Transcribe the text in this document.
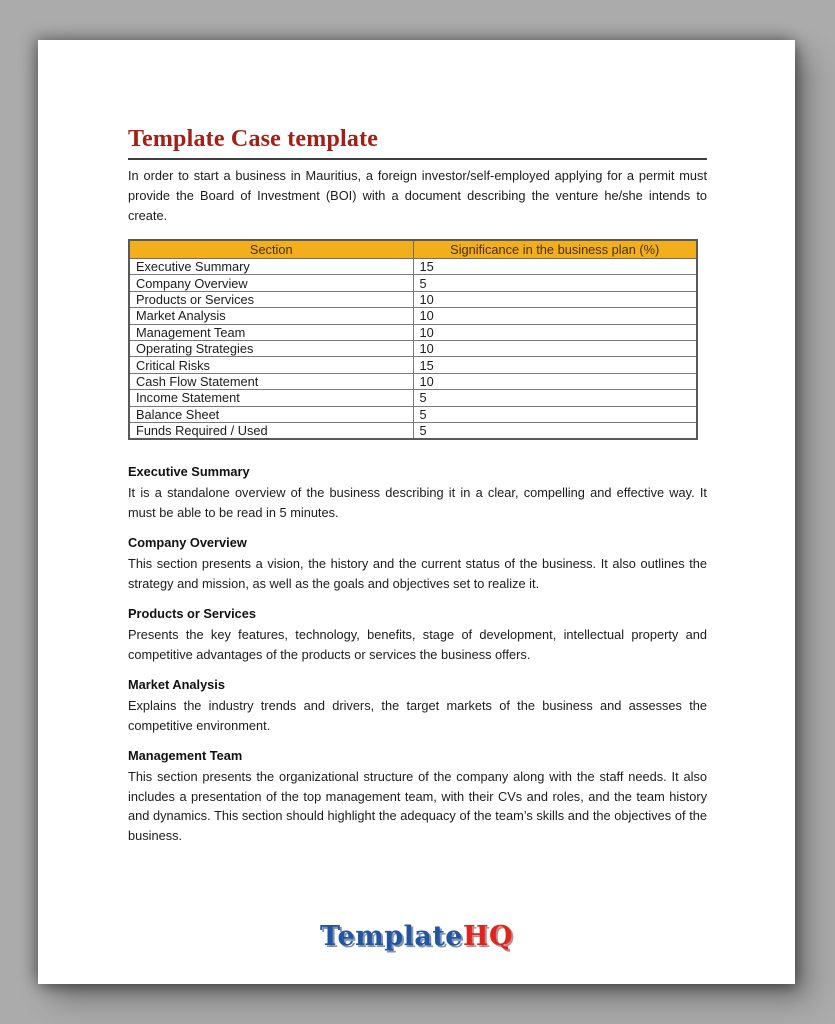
Template Case template

In order to start a business in Mauritius, a foreign investor/self-employed applying for a permit must provide the Board of Investment (BOI) with a document describing the venture he/she intends to create.

Section	Significance in the business plan (%)
Executive Summary	15
Company Overview	5
Products or Services	10
Market Analysis	10
Management Team	10
Operating Strategies	10
Critical Risks	15
Cash Flow Statement	10
Income Statement	5
Balance Sheet	5
Funds Required / Used	5
Executive Summary

It is a standalone overview of the business describing it in a clear, compelling and effective way. It must be able to be read in 5 minutes.

Company Overview

This section presents a vision, the history and the current status of the business. It also outlines the strategy and mission, as well as the goals and objectives set to realize it.

Products or Services

Presents the key features, technology, benefits, stage of development, intellectual property and competitive advantages of the products or services the business offers.

Market Analysis

Explains the industry trends and drivers, the target markets of the business and assesses the competitive environment.

Management Team

This section presents the organizational structure of the company along with the staff needs. It also includes a presentation of the top management team, with their CVs and roles, and the team history and dynamics. This section should highlight the adequacy of the team’s skills and the objectives of the business.

TemplateHQ
